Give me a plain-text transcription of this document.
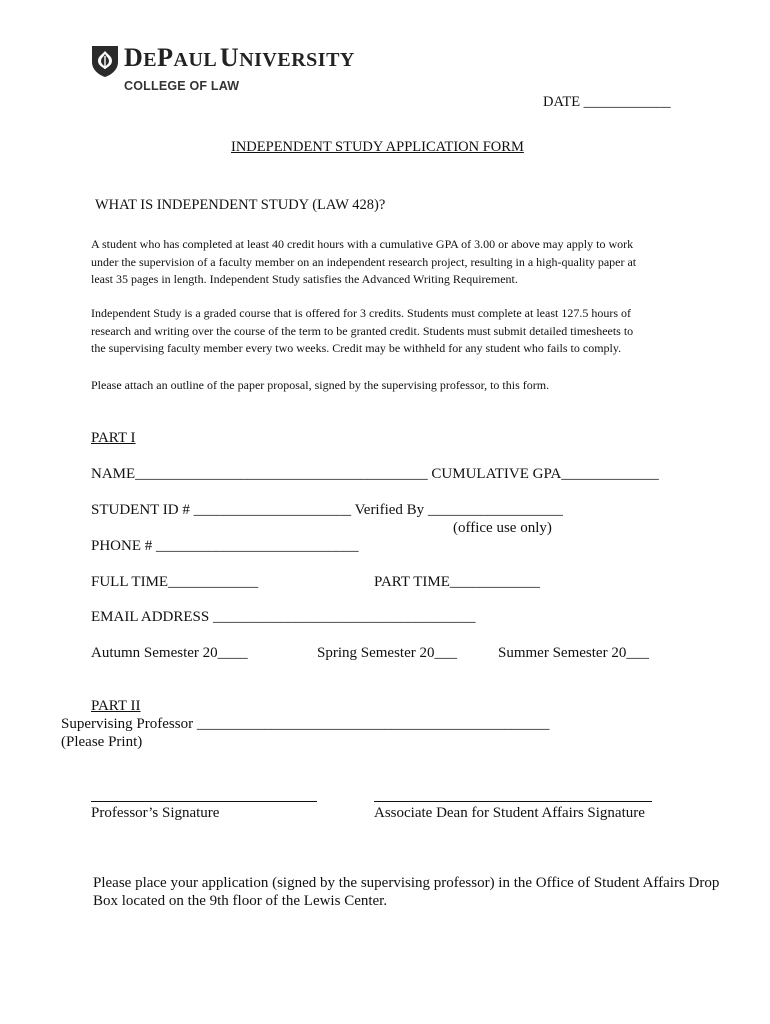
DEPAUL  UNIVERSITY
COLLEGE OF LAW
DATE ____________
INDEPENDENT STUDY APPLICATION FORM
WHAT IS INDEPENDENT STUDY (LAW 428)?
A student who has completed at least 40 credit hours with a cumulative GPA of 3.00 or above may apply to work
under the supervision of a faculty member on an independent research project, resulting in a high-quality paper at
least 35 pages in length. Independent Study satisfies the Advanced Writing Requirement.
Independent Study is a graded course that is offered for 3 credits. Students must complete at least 127.5 hours of
research and writing over the course of the term to be granted credit. Students must submit detailed timesheets to
the supervising faculty member every two weeks. Credit may be withheld for any student who fails to comply.
Please attach an outline of the paper proposal, signed by the supervising professor, to this form.
PART I
NAME_______________________________________ CUMULATIVE GPA_____________
STUDENT ID # _____________________ Verified By __________________
(office use only)
PHONE # ___________________________
FULL TIME____________	PART TIME____________
EMAIL ADDRESS ___________________________________
Autumn Semester 20____	Spring Semester 20___	Summer Semester 20___
PART II
Supervising Professor _______________________________________________
(Please Print)
Professor’s Signature	Associate Dean for Student Affairs Signature
Please place your application (signed by the supervising professor) in the Office of Student Affairs Drop
Box located on the 9th floor of the Lewis Center.
